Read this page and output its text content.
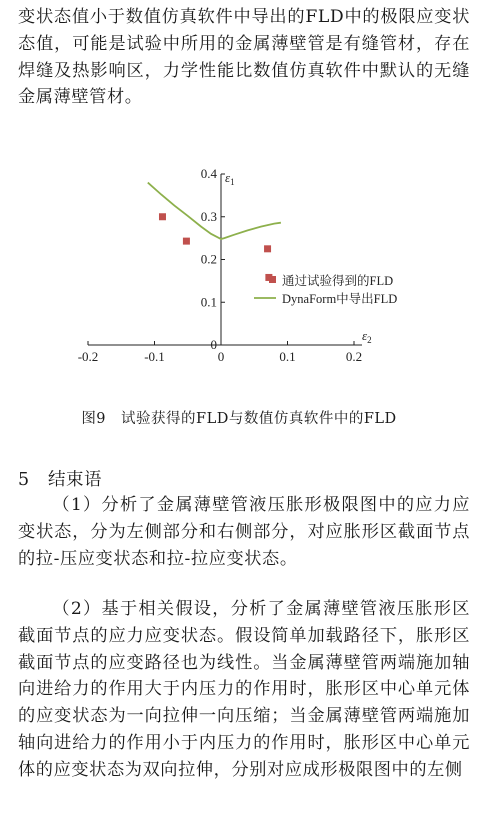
变状态值小于数值仿真软件中导出的FLD中的极限应变状态值，可能是试验中所用的金属薄壁管是有缝管材，存在焊缝及热影响区，力学性能比数值仿真软件中默认的无缝金属薄壁管材。

-0.2	-0.1	0	0.1	0.2
0
0.1
0.2
0.3
0.4 $\varepsilon_1$
$\varepsilon_2$
通过试验得到的FLD
DynaForm中导出FLD

图9　试验获得的FLD与数值仿真软件中的FLD

5 结束语

（1）分析了金属薄壁管液压胀形极限图中的应力应变状态，分为左侧部分和右侧部分，对应胀形区截面节点的拉-压应变状态和拉-拉应变状态。

（2）基于相关假设，分析了金属薄壁管液压胀形区截面节点的应力应变状态。假设简单加载路径下，胀形区截面节点的应变路径也为线性。当金属薄壁管两端施加轴向进给力的作用大于内压力的作用时，胀形区中心单元体的应变状态为一向拉伸一向压缩；当金属薄壁管两端施加轴向进给力的作用小于内压力的作用时，胀形区中心单元体的应变状态为双向拉伸，分别对应成形极限图中的左侧
